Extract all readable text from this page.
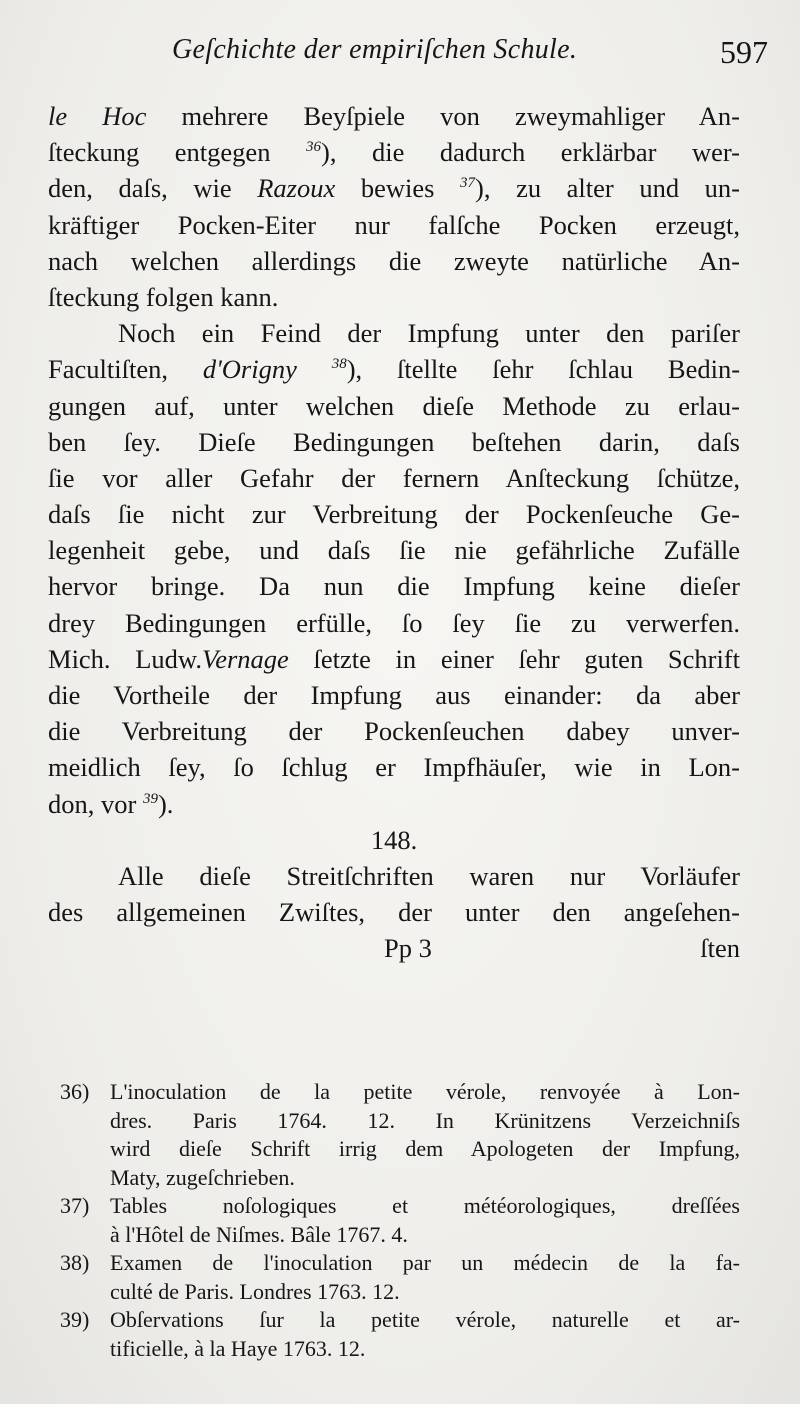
Geſchichte der empiriſchen Schule.	597
le Hoc mehrere Beyſpiele von zweymahliger An-
ſteckung entgegen $^{36}$), die dadurch erklärbar wer-
den, daſs, wie Razoux bewies $^{37}$), zu alter und un-
kräftiger Pocken-Eiter nur falſche Pocken erzeugt,
nach welchen allerdings die zweyte natürliche An-
ſteckung folgen kann.
Noch ein Feind der Impfung unter den pariſer
Facultiſten, d'Origny $^{38}$), ſtellte ſehr ſchlau Bedin-
gungen auf, unter welchen dieſe Methode zu erlau-
ben ſey. Dieſe Bedingungen beſtehen darin, daſs
ſie vor aller Gefahr der fernern Anſteckung ſchütze,
daſs ſie nicht zur Verbreitung der Pockenſeuche Ge-
legenheit gebe, und daſs ſie nie gefährliche Zufälle
hervor bringe. Da nun die Impfung keine dieſer
drey Bedingungen erfülle, ſo ſey ſie zu verwerfen.
Mich. Ludw.Vernage ſetzte in einer ſehr guten Schrift
die Vortheile der Impfung aus einander: da aber
die Verbreitung der Pockenſeuchen dabey unver-
meidlich ſey, ſo ſchlug er Impfhäuſer, wie in Lon-
don, vor $^{39}$).
148.
Alle dieſe Streitſchriften waren nur Vorläufer
des allgemeinen Zwiſtes, der unter den angeſehen-
Pp 3	ſten
36) L'inoculation de la petite vérole, renvoyée à Lon-
dres. Paris 1764. 12. In Krünitzens Verzeichniſs
wird dieſe Schrift irrig dem Apologeten der Impfung,
Maty, zugeſchrieben.
37) Tables noſologiques et météorologiques, dreſſées
à l'Hôtel de Niſmes. Bâle 1767. 4.
38) Examen de l'inoculation par un médecin de la fa-
culté de Paris. Londres 1763. 12.
39) Obſervations ſur la petite vérole, naturelle et ar-
tificielle, à la Haye 1763. 12.
